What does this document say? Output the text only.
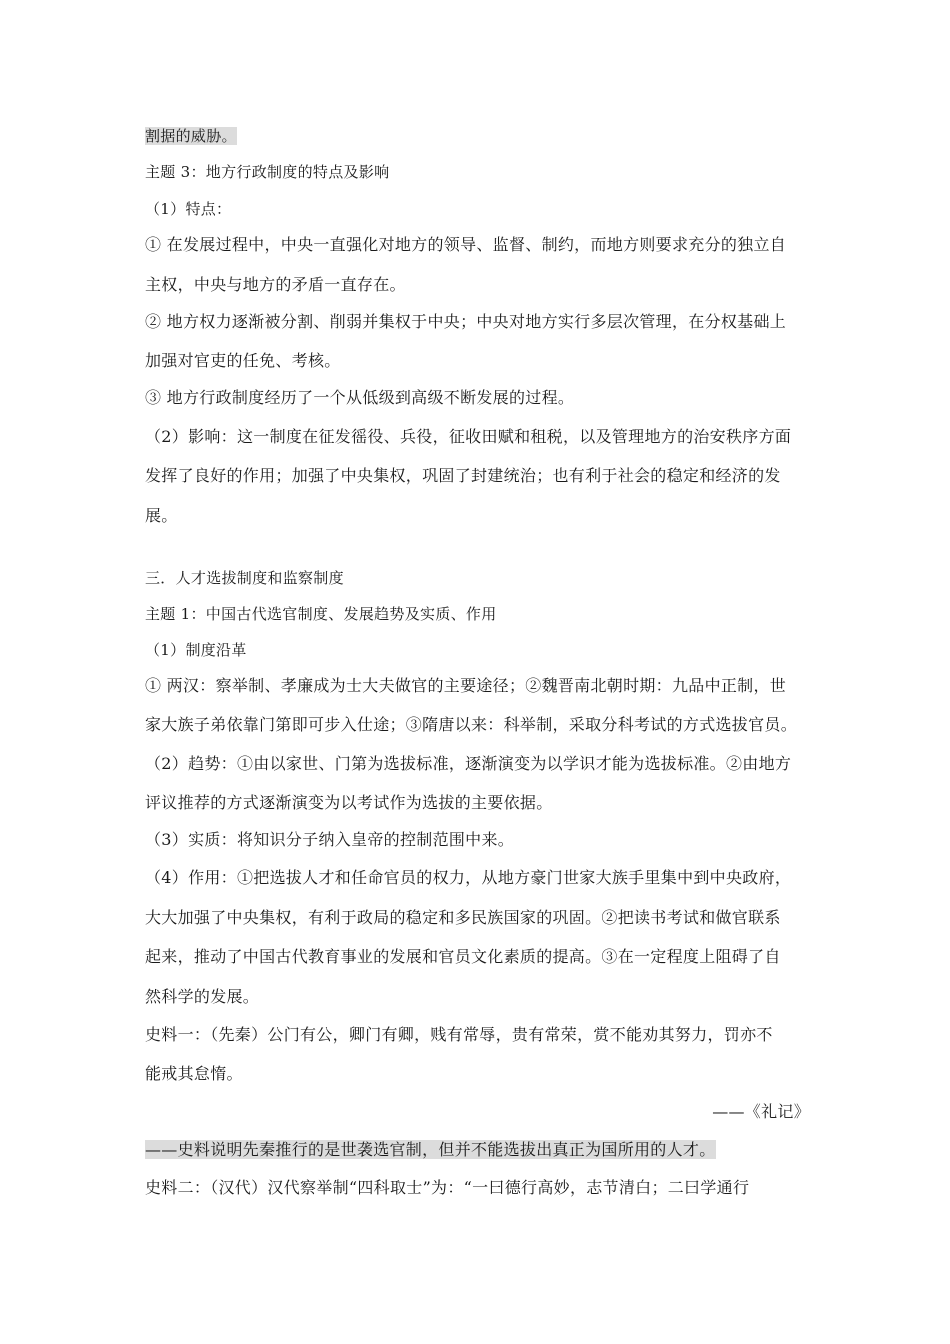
割据的威胁。
主题 3：地方行政制度的特点及影响
（1）特点：
① 在发展过程中，中央一直强化对地方的领导、监督、制约，而地方则要求充分的独立自
主权，中央与地方的矛盾一直存在。
② 地方权力逐渐被分割、削弱并集权于中央；中央对地方实行多层次管理，在分权基础上
加强对官吏的任免、考核。
③ 地方行政制度经历了一个从低级到高级不断发展的过程。
（2）影响：这一制度在征发徭役、兵役，征收田赋和租税，以及管理地方的治安秩序方面
发挥了良好的作用；加强了中央集权，巩固了封建统治；也有利于社会的稳定和经济的发
展。
三．人才选拔制度和监察制度
主题 1：中国古代选官制度、发展趋势及实质、作用
（1）制度沿革
① 两汉：察举制、孝廉成为士大夫做官的主要途径；②魏晋南北朝时期：九品中正制，世
家大族子弟依靠门第即可步入仕途；③隋唐以来：科举制，采取分科考试的方式选拔官员。
（2）趋势：①由以家世、门第为选拔标准，逐渐演变为以学识才能为选拔标准。②由地方
评议推荐的方式逐渐演变为以考试作为选拔的主要依据。
（3）实质：将知识分子纳入皇帝的控制范围中来。
（4）作用：①把选拔人才和任命官员的权力，从地方豪门世家大族手里集中到中央政府，
大大加强了中央集权，有利于政局的稳定和多民族国家的巩固。②把读书考试和做官联系
起来，推动了中国古代教育事业的发展和官员文化素质的提高。③在一定程度上阻碍了自
然科学的发展。
史料一：（先秦）公门有公，卿门有卿，贱有常辱，贵有常荣，赏不能劝其努力，罚亦不
能戒其怠惰。
——《礼记》
——史料说明先秦推行的是世袭选官制，但并不能选拔出真正为国所用的人才。
史料二：（汉代）汉代察举制“四科取士”为：“一曰德行高妙，志节清白；二曰学通行
